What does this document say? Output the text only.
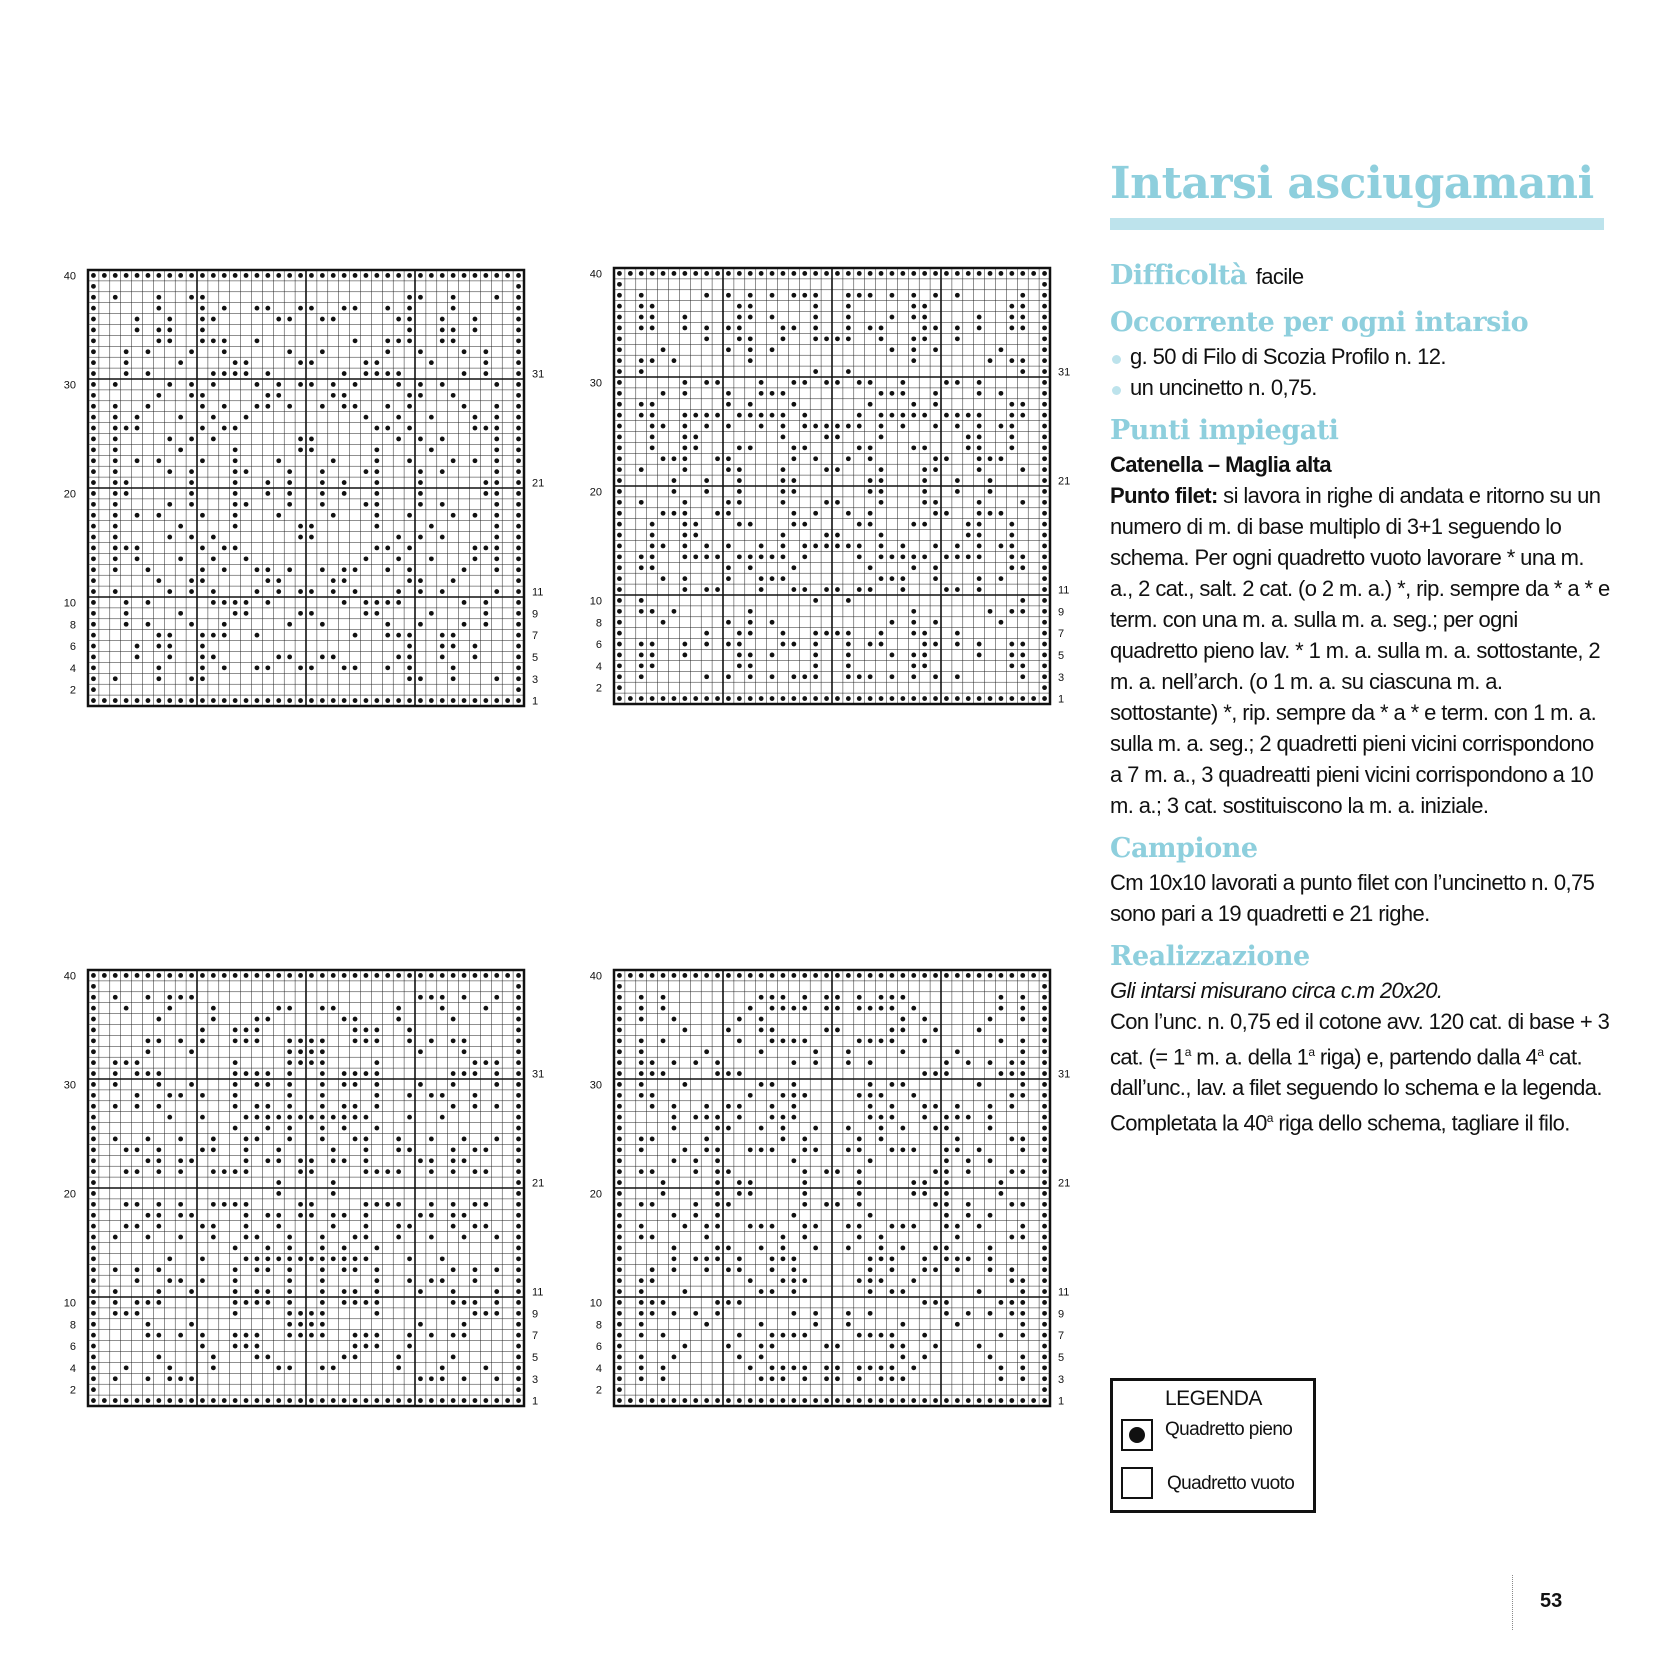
40
30
20
10
8
6
4
2
31
21
11
9
7
5
3
1
40
30
20
10
8
6
4
2
31
21
11
9
7
5
3
1
40
30
20
10
8
6
4
2
31
21
11
9
7
5
3
1
40
30
20
10
8
6
4
2
31
21
11
9
7
5
3
1
Intarsi asciugamani
Difficoltà facile
Occorrente per ogni intarsio
g. 50 di Filo di Scozia Profilo n. 12.
un uncinetto n. 0,75.
Punti impiegati

Catenella – Maglia alta

Punto filet: si lavora in righe di andata e ritorno su un numero di m. di base multiplo di 3+1 seguendo lo schema. Per ogni quadretto vuoto lavorare * una m. a., 2 cat., salt. 2 cat. (o 2 m. a.) *, rip. sempre da * a * e term. con una m. a. sulla m. a. seg.; per ogni quadretto pieno lav. * 1 m. a. sulla m. a. sottostante, 2 m. a. nell’arch. (o 1 m. a. su ciascuna m. a. sottostante) *, rip. sempre da * a * e term. con 1 m. a. sulla m. a. seg.; 2 quadretti pieni vicini corrispondono a 7 m. a., 3 quadreatti pieni vicini corrispondono a 10 m. a.; 3 cat. sostituiscono la m. a. iniziale.

Campione

Cm 10x10 lavorati a punto filet con l’uncinetto n. 0,75 sono pari a 19 quadretti e 21 righe.

Realizzazione

Gli intarsi misurano circa c.m 20x20.

Con l’unc. n. 0,75 ed il cotone avv. 120 cat. di base + 3 cat. (= $1^a$ m. a. della 1$^a$ riga) e, partendo dalla 4$^a$ cat. dall’unc., lav. a filet seguendo lo schema e la legenda. Completata la 40$^a$ riga dello schema, tagliare il filo.

LEGENDA
Quadretto pieno
Quadretto vuoto
53
